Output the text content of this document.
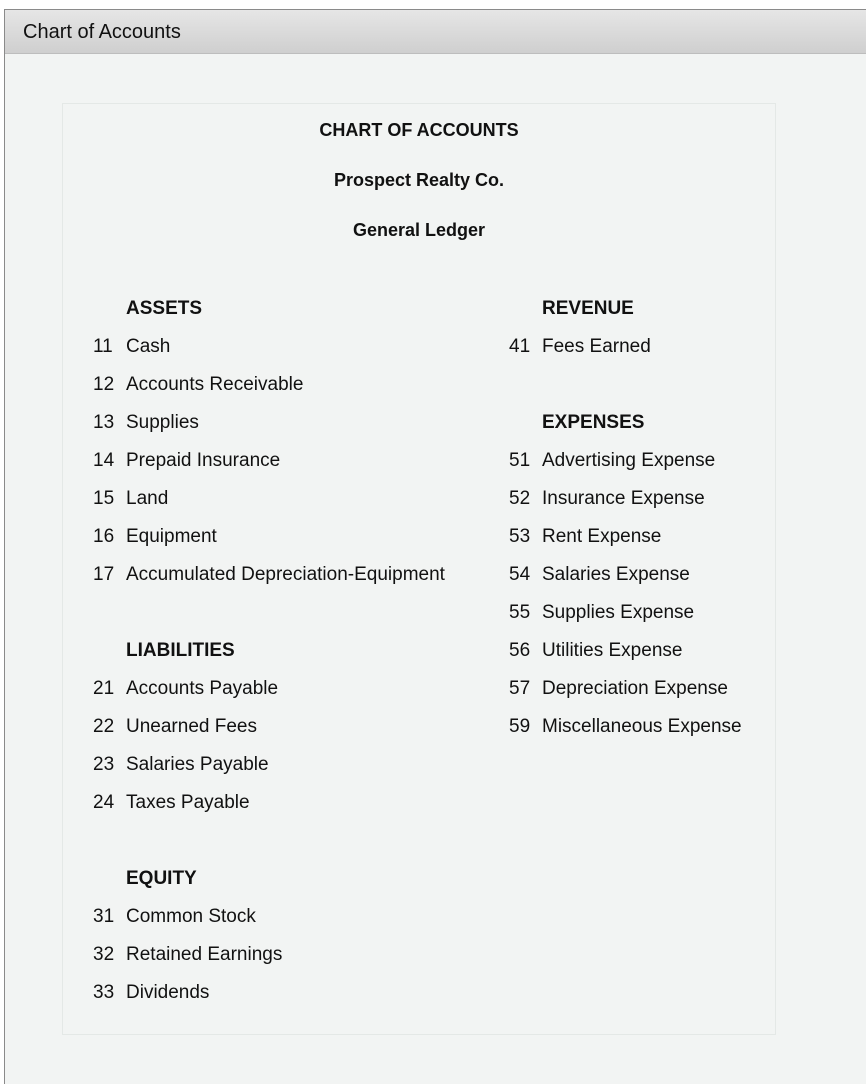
Chart of Accounts
CHART OF ACCOUNTS
Prospect Realty Co.
General Ledger
ASSETS
11 Cash
12 Accounts Receivable
13 Supplies
14 Prepaid Insurance
15 Land
16 Equipment
17 Accumulated Depreciation-Equipment
LIABILITIES
21 Accounts Payable
22 Unearned Fees
23 Salaries Payable
24 Taxes Payable
EQUITY
31 Common Stock
32 Retained Earnings
33 Dividends
REVENUE
41 Fees Earned
EXPENSES
51 Advertising Expense
52 Insurance Expense
53 Rent Expense
54 Salaries Expense
55 Supplies Expense
56 Utilities Expense
57 Depreciation Expense
59 Miscellaneous Expense
